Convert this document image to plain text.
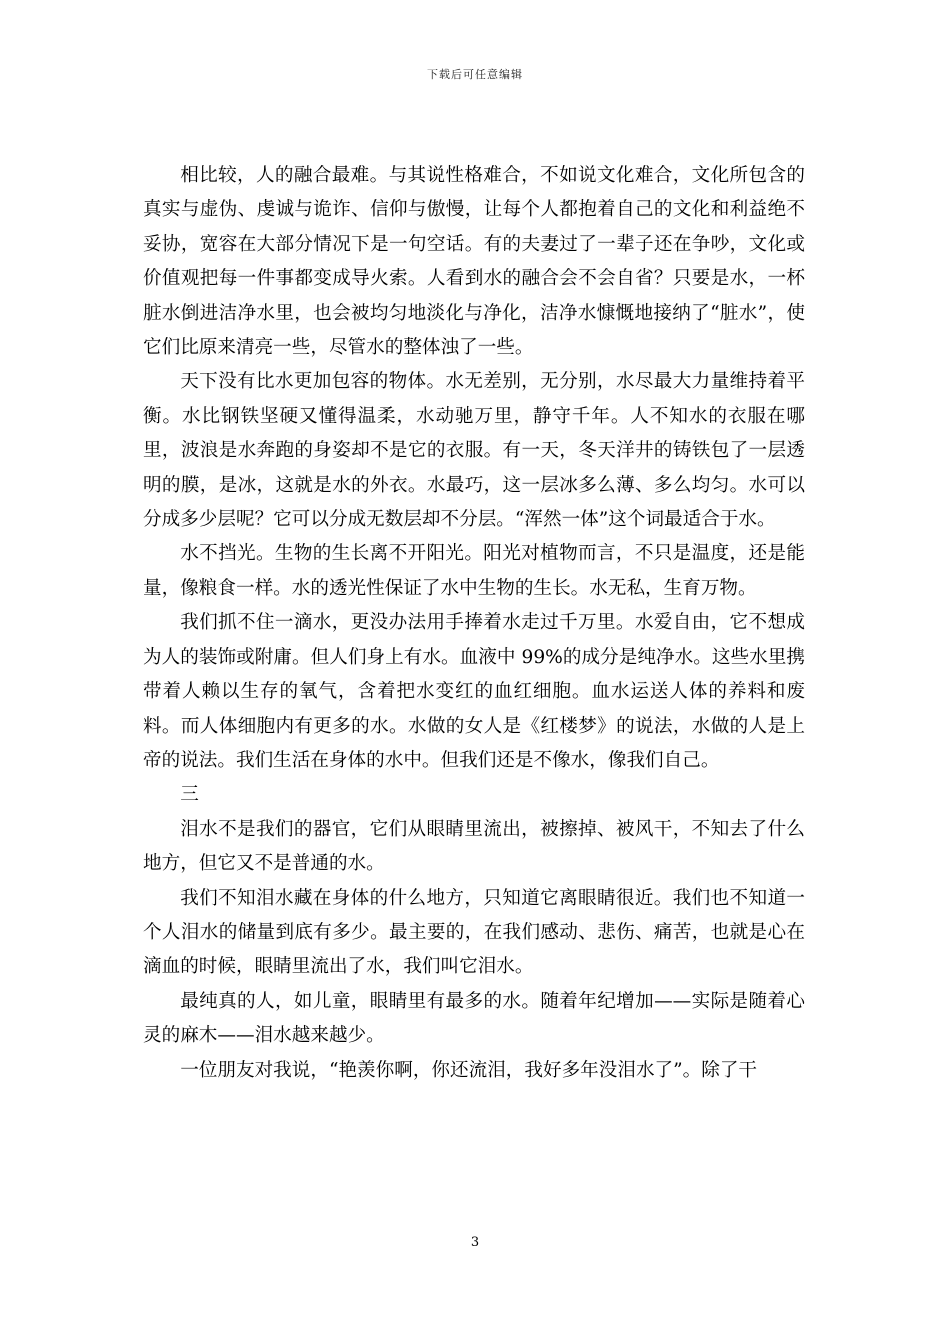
下载后可任意编辑

相比较，人的融合最难。与其说性格难合，不如说文化难合，文化所包含的真实与虚伪、虔诚与诡诈、信仰与傲慢，让每个人都抱着自己的文化和利益绝不妥协，宽容在大部分情况下是一句空话。有的夫妻过了一辈子还在争吵，文化或价值观把每一件事都变成导火索。人看到水的融合会不会自省？只要是水，一杯脏水倒进洁净水里，也会被均匀地淡化与净化，洁净水慷慨地接纳了“脏水”，使它们比原来清亮一些，尽管水的整体浊了一些。

天下没有比水更加包容的物体。水无差别，无分别，水尽最大力量维持着平衡。水比钢铁坚硬又懂得温柔，水动驰万里，静守千年。人不知水的衣服在哪里，波浪是水奔跑的身姿却不是它的衣服。有一天，冬天洋井的铸铁包了一层透明的膜，是冰，这就是水的外衣。水最巧，这一层冰多么薄、多么均匀。水可以分成多少层呢？它可以分成无数层却不分层。“浑然一体”这个词最适合于水。

水不挡光。生物的生长离不开阳光。阳光对植物而言，不只是温度，还是能量，像粮食一样。水的透光性保证了水中生物的生长。水无私，生育万物。

我们抓不住一滴水，更没办法用手捧着水走过千万里。水爱自由，它不想成为人的装饰或附庸。但人们身上有水。血液中 99%的成分是纯净水。这些水里携带着人赖以生存的氧气，含着把水变红的血红细胞。血水运送人体的养料和废料。而人体细胞内有更多的水。水做的女人是《红楼梦》的说法，水做的人是上帝的说法。我们生活在身体的水中。但我们还是不像水，像我们自己。

三

泪水不是我们的器官，它们从眼睛里流出，被擦掉、被风干，不知去了什么地方，但它又不是普通的水。

我们不知泪水藏在身体的什么地方，只知道它离眼睛很近。我们也不知道一个人泪水的储量到底有多少。最主要的，在我们感动、悲伤、痛苦，也就是心在滴血的时候，眼睛里流出了水，我们叫它泪水。

最纯真的人，如儿童，眼睛里有最多的水。随着年纪增加——实际是随着心灵的麻木——泪水越来越少。

一位朋友对我说，“艳羡你啊，你还流泪，我好多年没泪水了”。除了干

3
